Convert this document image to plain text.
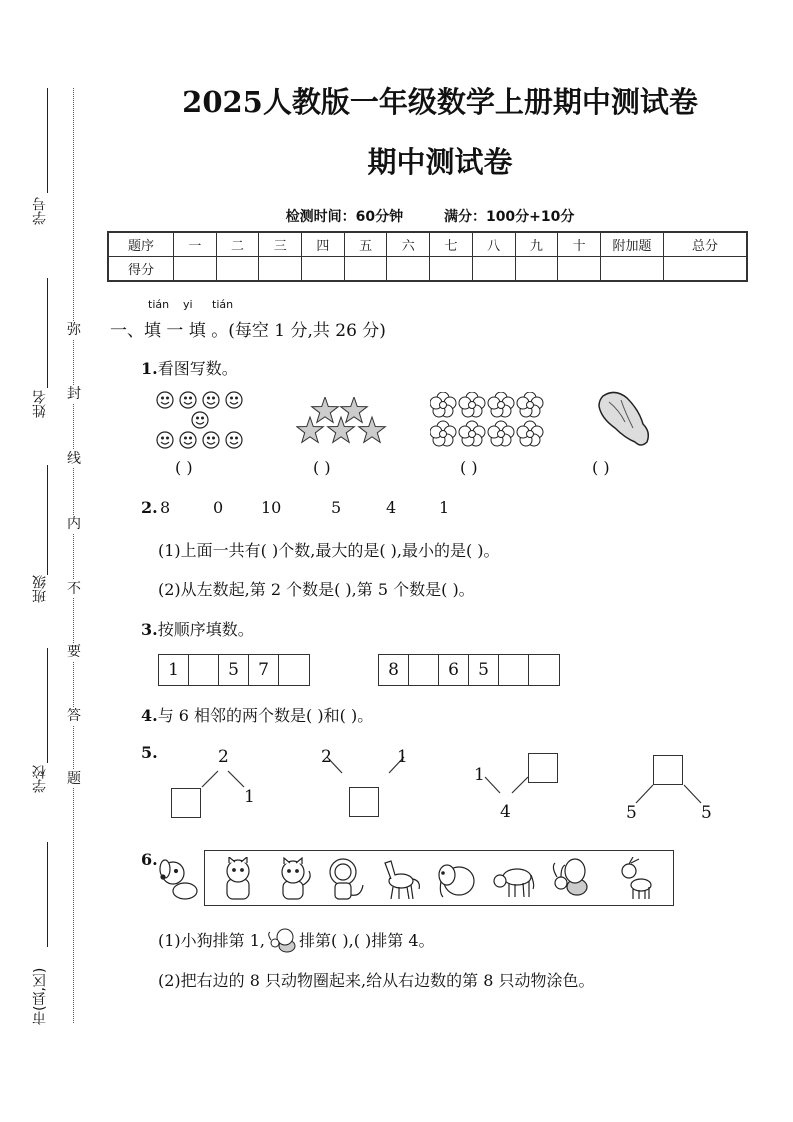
学号
姓名
班级
学校
市(县,区)
弥
封
线
内
不
要
答
题
2025人教版一年级数学上册期中测试卷
期中测试卷
检测时间：60分钟	满分：100分+10分
题序	一	二	三	四	五	六	七	八	九	十	附加题	总分
得分												
tián yi tián
一、填 一 填 。(每空 1 分,共 26 分)
1.看图写数。
( )	( )	( )	( )
2. 8	0 10	5	4	1
(1)上面一共有( )个数,最大的是( ),最小的是( )。
(2)从左数起,第 2 个数是( ),第 5 个数是( )。
3.按顺序填数。
1	5	7	8	6	5
4.与 6 相邻的两个数是( )和( )。
5.	2
1
2	1
1
4	5	5
6.
(1)小狗排第 1, 排第( ),( )排第 4。
(2)把右边的 8 只动物圈起来,给从右边数的第 8 只动物涂色。
